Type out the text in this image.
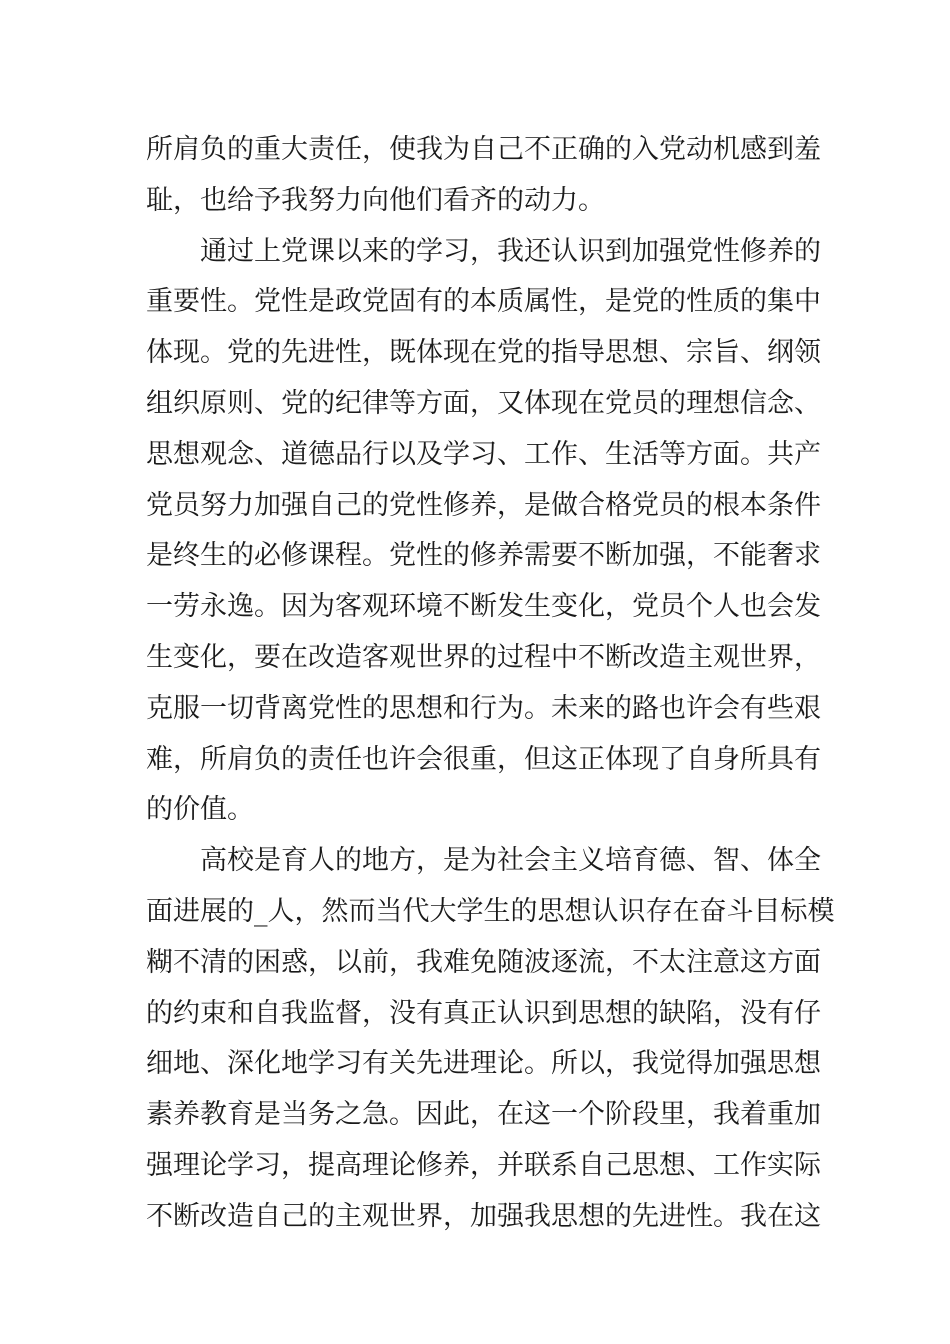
所肩负的重大责任，使我为自己不正确的入党动机感到羞

耻，也给予我努力向他们看齐的动力。

通过上党课以来的学习，我还认识到加强党性修养的

重要性。党性是政党固有的本质属性，是党的性质的集中

体现。党的先进性，既体现在党的指导思想、宗旨、纲领

组织原则、党的纪律等方面，又体现在党员的理想信念、

思想观念、道德品行以及学习、工作、生活等方面。共产

党员努力加强自己的党性修养，是做合格党员的根本条件

是终生的必修课程。党性的修养需要不断加强，不能奢求

一劳永逸。因为客观环境不断发生变化，党员个人也会发

生变化，要在改造客观世界的过程中不断改造主观世界，

克服一切背离党性的思想和行为。未来的路也许会有些艰

难，所肩负的责任也许会很重，但这正体现了自身所具有

的价值。

高校是育人的地方，是为社会主义培育德、智、体全

面进展的_人，然而当代大学生的思想认识存在奋斗目标模

糊不清的困惑，以前，我难免随波逐流，不太注意这方面

的约束和自我监督，没有真正认识到思想的缺陷，没有仔

细地、深化地学习有关先进理论。所以，我觉得加强思想

素养教育是当务之急。因此，在这一个阶段里，我着重加

强理论学习，提高理论修养，并联系自己思想、工作实际

不断改造自己的主观世界，加强我思想的先进性。我在这
